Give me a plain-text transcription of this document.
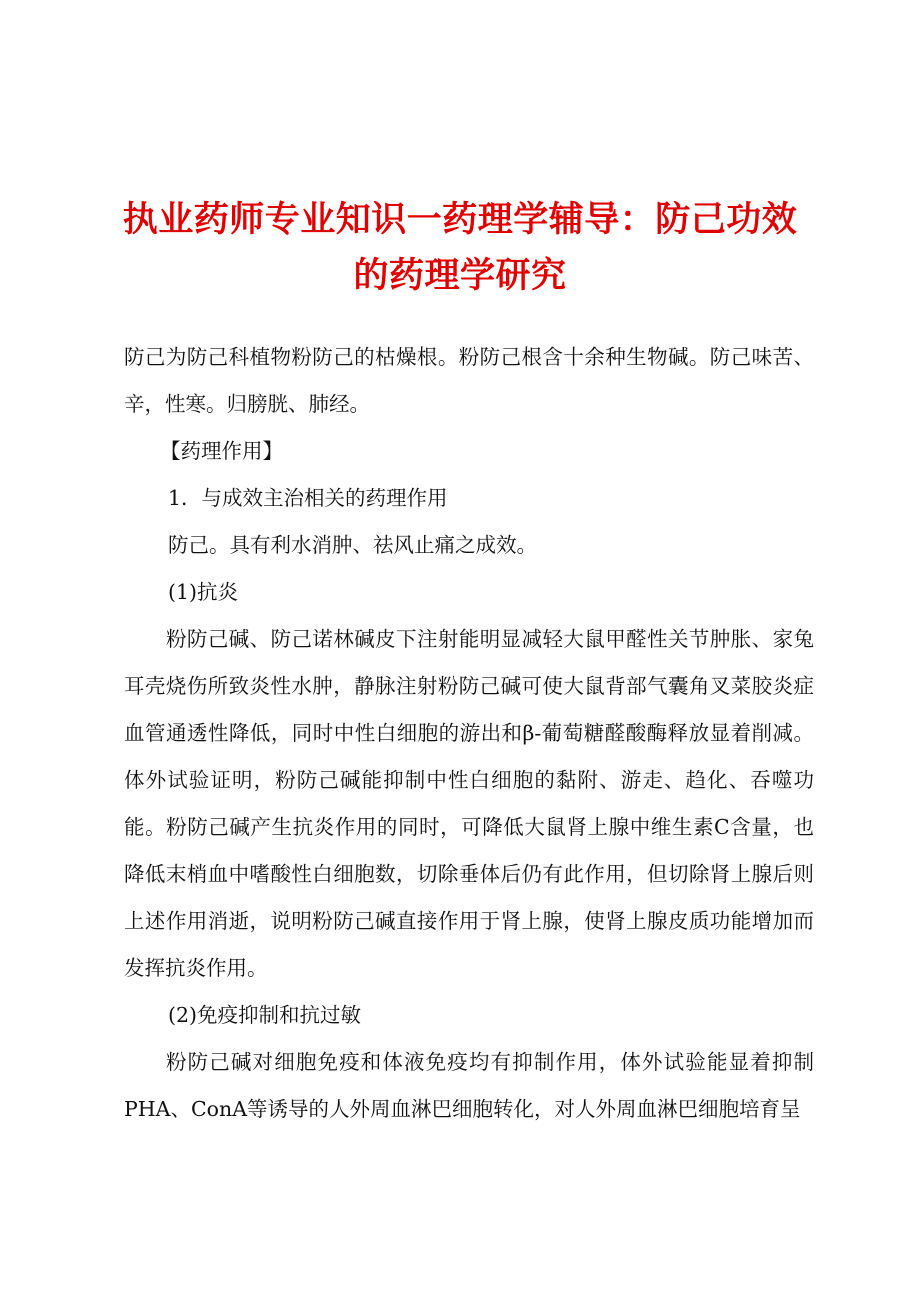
执业药师专业知识一药理学辅导：防己功效的药理学研究

防己为防己科植物粉防己的枯燥根。粉防己根含十余种生物碱。防己味苦、辛，性寒。归膀胱、肺经。

【药理作用】

1．与成效主治相关的药理作用

防己。具有利水消肿、祛风止痛之成效。

(1)抗炎

粉防己碱、防己诺林碱皮下注射能明显减轻大鼠甲醛性关节肿胀、家兔耳壳烧伤所致炎性水肿，静脉注射粉防己碱可使大鼠背部气囊角叉菜胶炎症血管通透性降低，同时中性白细胞的游出和β-葡萄糖醛酸酶释放显着削减。体外试验证明，粉防己碱能抑制中性白细胞的黏附、游走、趋化、吞噬功能。粉防己碱产生抗炎作用的同时，可降低大鼠肾上腺中维生素C含量，也降低末梢血中嗜酸性白细胞数，切除垂体后仍有此作用，但切除肾上腺后则上述作用消逝，说明粉防己碱直接作用于肾上腺，使肾上腺皮质功能增加而发挥抗炎作用。

(2)免疫抑制和抗过敏

粉防己碱对细胞免疫和体液免疫均有抑制作用，体外试验能显着抑制PHA、ConA等诱导的人外周血淋巴细胞转化，对人外周血淋巴细胞培育呈
